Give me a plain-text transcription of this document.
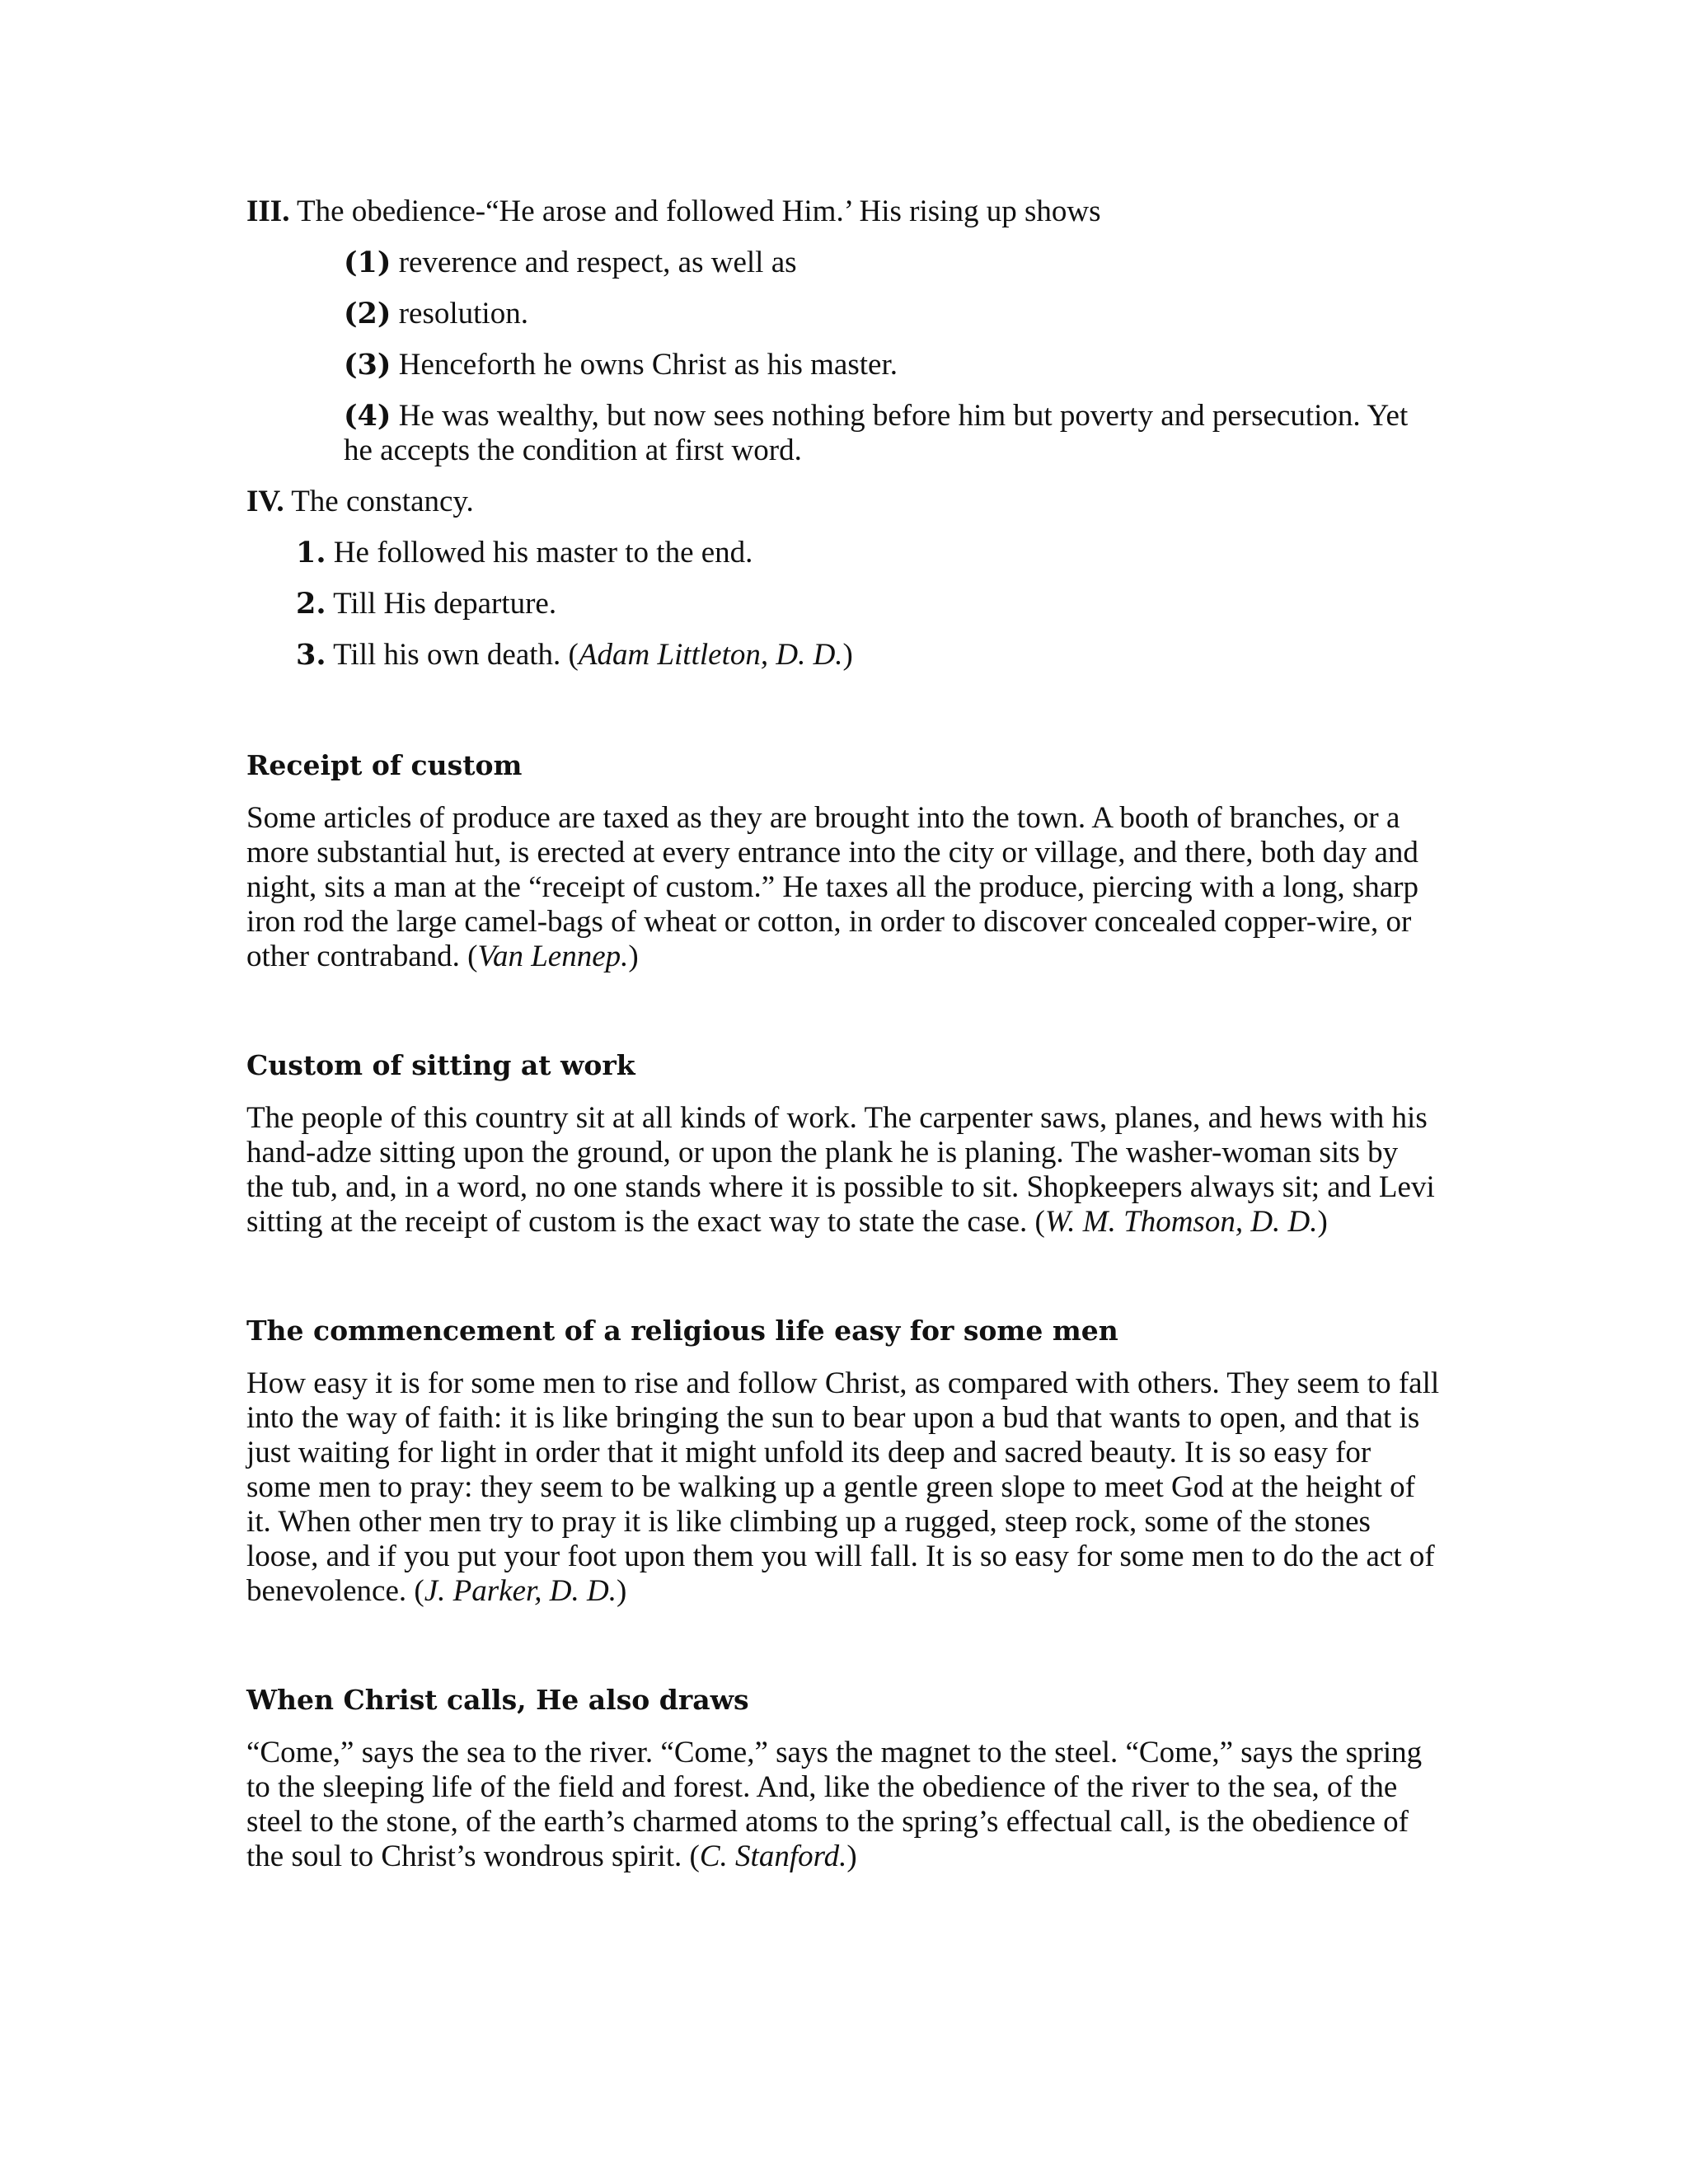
III. The obedience-“He arose and followed Him.’ His rising up shows

(1) reverence and respect, as well as

(2) resolution.

(3) Henceforth he owns Christ as his master.

(4) He was wealthy, but now sees nothing before him but poverty and persecution. Yet he accepts the condition at first word.

IV. The constancy.

1. He followed his master to the end.

2. Till His departure.

3. Till his own death. (Adam Littleton, D. D.)

Receipt of custom

Some articles of produce are taxed as they are brought into the town. A booth of branches, or a more substantial hut, is erected at every entrance into the city or village, and there, both day and night, sits a man at the “receipt of custom.” He taxes all the produce, piercing with a long, sharp iron rod the large camel-bags of wheat or cotton, in order to discover concealed copper-wire, or other contraband. (Van Lennep.)

Custom of sitting at work

The people of this country sit at all kinds of work. The carpenter saws, planes, and hews with his hand-adze sitting upon the ground, or upon the plank he is planing. The washer-woman sits by the tub, and, in a word, no one stands where it is possible to sit. Shopkeepers always sit; and Levi sitting at the receipt of custom is the exact way to state the case. (W. M. Thomson, D. D.)

The commencement of a religious life easy for some men

How easy it is for some men to rise and follow Christ, as compared with others. They seem to fall into the way of faith: it is like bringing the sun to bear upon a bud that wants to open, and that is just waiting for light in order that it might unfold its deep and sacred beauty. It is so easy for some men to pray: they seem to be walking up a gentle green slope to meet God at the height of it. When other men try to pray it is like climbing up a rugged, steep rock, some of the stones loose, and if you put your foot upon them you will fall. It is so easy for some men to do the act of benevolence. (J. Parker, D. D.)

When Christ calls, He also draws

“Come,” says the sea to the river. “Come,” says the magnet to the steel. “Come,” says the spring to the sleeping life of the field and forest. And, like the obedience of the river to the sea, of the steel to the stone, of the earth’s charmed atoms to the spring’s effectual call, is the obedience of the soul to Christ’s wondrous spirit. (C. Stanford.)
